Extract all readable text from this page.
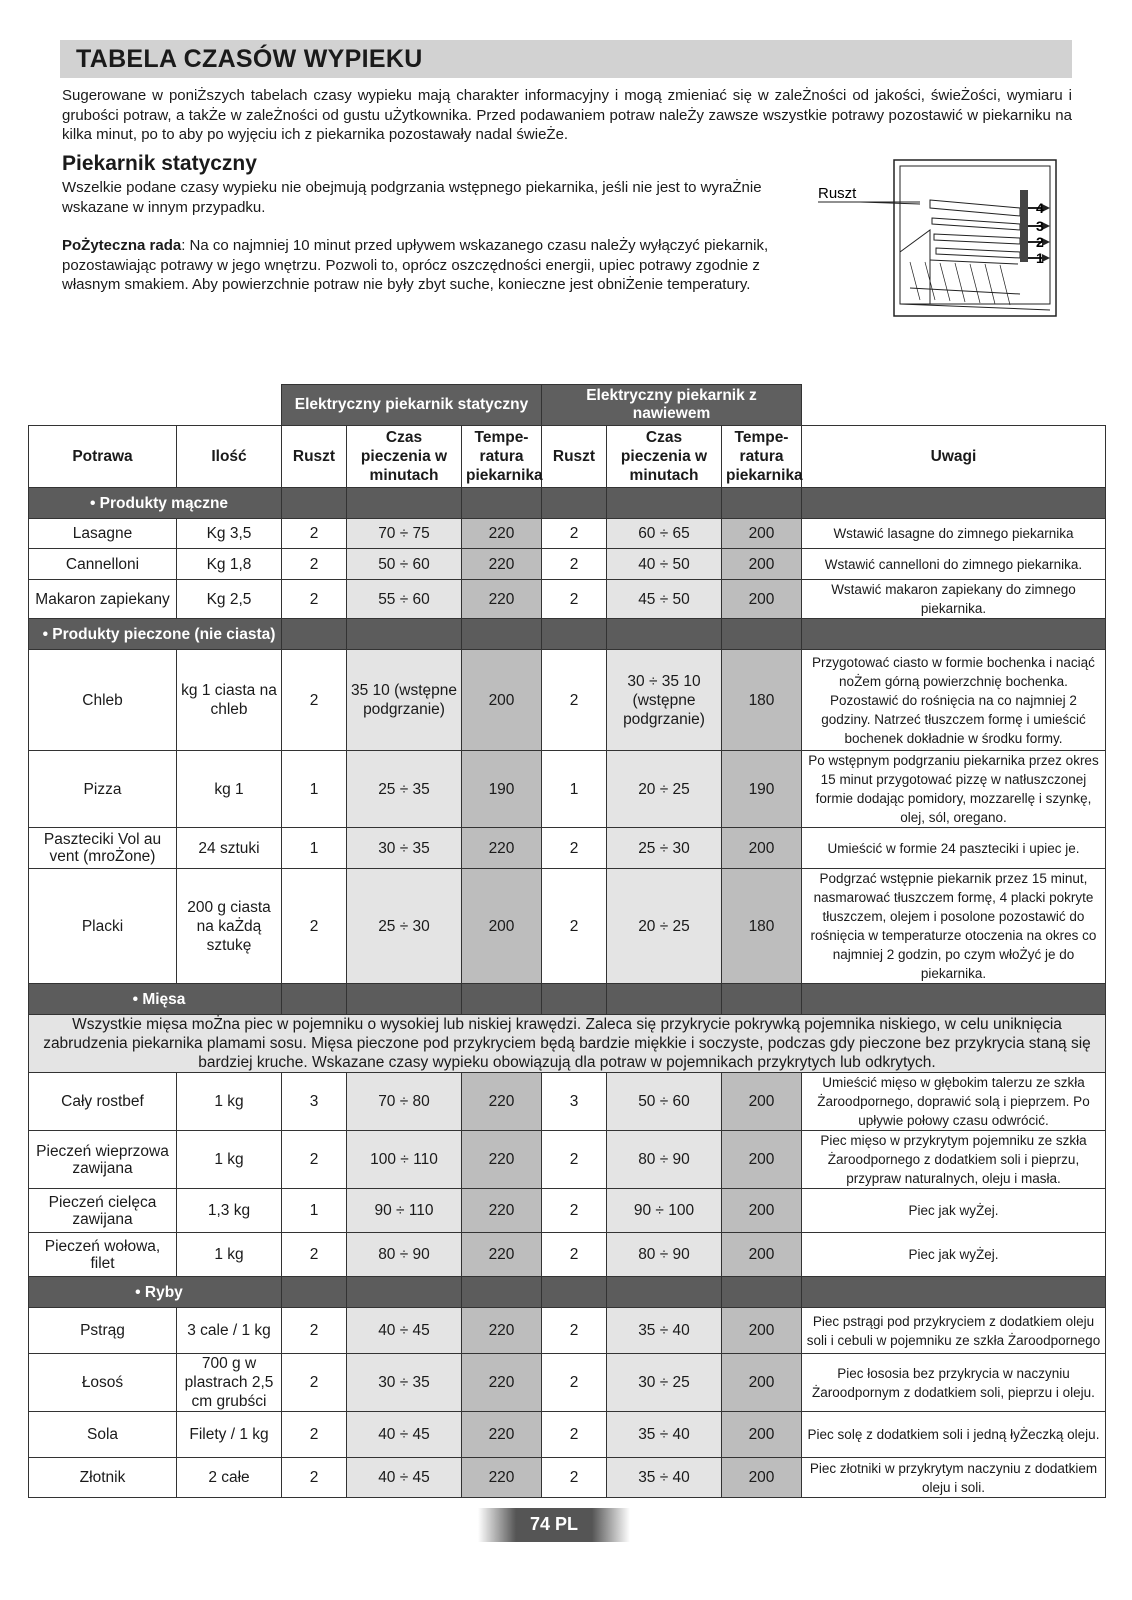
TABELA CZASÓW WYPIEKU
Sugerowane w poniŻszych tabelach czasy wypieku mają charakter informacyjny i mogą zmieniać się w zaleŻności od jakości, świeŻości, wymiaru i grubości potraw, a takŻe w zaleŻności od gustu uŻytkownika. Przed podawaniem potraw naleŻy zawsze wszystkie potrawy pozostawić w piekarniku na kilka minut, po to aby po wyjęciu ich z piekarnika pozostawały nadal świeŻe.
Piekarnik statyczny
Wszelkie podane czasy wypieku nie obejmują podgrzania wstępnego piekarnika, jeśli nie jest to wyraŻnie wskazane w innym przypadku.
PoŻyteczna rada: Na co najmniej 10 minut przed upływem wskazanego czasu naleŻy wyłączyć piekarnik, pozostawiając potrawy w jego wnętrzu. Pozwoli to, oprócz oszczędności energii, upiec potrawy zgodnie z własnym smakiem. Aby powierzchnie potraw nie były zbyt suche, konieczne jest obniŻenie temperatury.
Ruszt
4
3
2
1
		Elektryczny piekarnik statyczny			Elektryczny piekarnik z nawiewem			
Potrawa	Ilość	Ruszt	Czas pieczenia w minutach	Tempe- ratura piekarnika	Ruszt	Czas pieczenia w minutach	Tempe- ratura piekarnika	Uwagi
• Produkty mączne								
Lasagne	Kg 3,5	2	70 ÷ 75	220	2	60 ÷ 65	200	Wstawić lasagne do zimnego piekarnika
Cannelloni	Kg 1,8	2	50 ÷ 60	220	2	40 ÷ 50	200	Wstawić cannelloni do zimnego piekarnika.
Makaron zapiekany	Kg 2,5	2	55 ÷ 60	220	2	45 ÷ 50	200	Wstawić makaron zapiekany do zimnego piekarnika.
• Produkty pieczone (nie ciasta)								
Chleb	kg 1 ciasta na chleb	2	35 10 (wstępne podgrzanie)	200	2	30 ÷ 35 10 (wstępne podgrzanie)	180	Przygotować ciasto w formie bochenka i naciąć noŻem górną powierzchnię bochenka. Pozostawić do rośnięcia na co najmniej 2 godziny. Natrzeć tłuszczem formę i umieścić bochenek dokładnie w środku formy.
Pizza	kg 1	1	25 ÷ 35	190	1	20 ÷ 25	190	Po wstępnym podgrzaniu piekarnika przez okres 15 minut przygotować pizzę w natłuszczonej formie dodając pomidory, mozzarellę i szynkę, olej, sól, oregano.
Paszteciki Vol au vent (mroŻone)	24 sztuki	1	30 ÷ 35	220	2	25 ÷ 30	200	Umieścić w formie 24 paszteciki i upiec je.
Placki	200 g ciasta na kaŻdą sztukę	2	25 ÷ 30	200	2	20 ÷ 25	180	Podgrzać wstępnie piekarnik przez 15 minut, nasmarować tłuszczem formę, 4 placki pokryte tłuszczem, olejem i posolone pozostawić do rośnięcia w temperaturze otoczenia na okres co najmniej 2 godzin, po czym włoŻyć je do piekarnika.
• Mięsa								
Wszystkie mięsa moŻna piec w pojemniku o wysokiej lub niskiej krawędzi. Zaleca się przykrycie pokrywką pojemnika niskiego, w celu uniknięcia zabrudzenia piekarnika plamami sosu. Mięsa pieczone pod przykryciem będą bardzie miękkie i soczyste, podczas gdy pieczone bez przykrycia staną się bardziej kruche. Wskazane czasy wypieku obowiązują dla potraw w pojemnikach przykrytych lub odkrytych.								
Cały rostbef	1 kg	3	70 ÷ 80	220	3	50 ÷ 60	200	Umieścić mięso w głębokim talerzu ze szkła Żaroodpornego, doprawić solą i pieprzem. Po upływie połowy czasu odwrócić.
Pieczeń wieprzowa zawijana	1 kg	2	100 ÷ 110	220	2	80 ÷ 90	200	Piec mięso w przykrytym pojemniku ze szkła Żaroodpornego z dodatkiem soli i pieprzu, przypraw naturalnych, oleju i masła.
Pieczeń cielęca zawijana	1,3 kg	1	90 ÷ 110	220	2	90 ÷ 100	200	Piec jak wyŻej.
Pieczeń wołowa, filet	1 kg	2	80 ÷ 90	220	2	80 ÷ 90	200	Piec jak wyŻej.
• Ryby								
Pstrąg	3 cale / 1 kg	2	40 ÷ 45	220	2	35 ÷ 40	200	Piec pstrągi pod przykryciem z dodatkiem oleju soli i cebuli w pojemniku ze szkła Żaroodpornego
Łosoś	700 g w plastrach 2,5 cm grubści	2	30 ÷ 35	220	2	30 ÷ 25	200	Piec łososia bez przykrycia w naczyniu Żaroodpornym z dodatkiem soli, pieprzu i oleju.
Sola	Filety / 1 kg	2	40 ÷ 45	220	2	35 ÷ 40	200	Piec solę z dodatkiem soli i jedną łyŻeczką oleju.
Złotnik	2 całe	2	40 ÷ 45	220	2	35 ÷ 40	200	Piec złotniki w przykrytym naczyniu z dodatkiem oleju i soli.
74 PL
